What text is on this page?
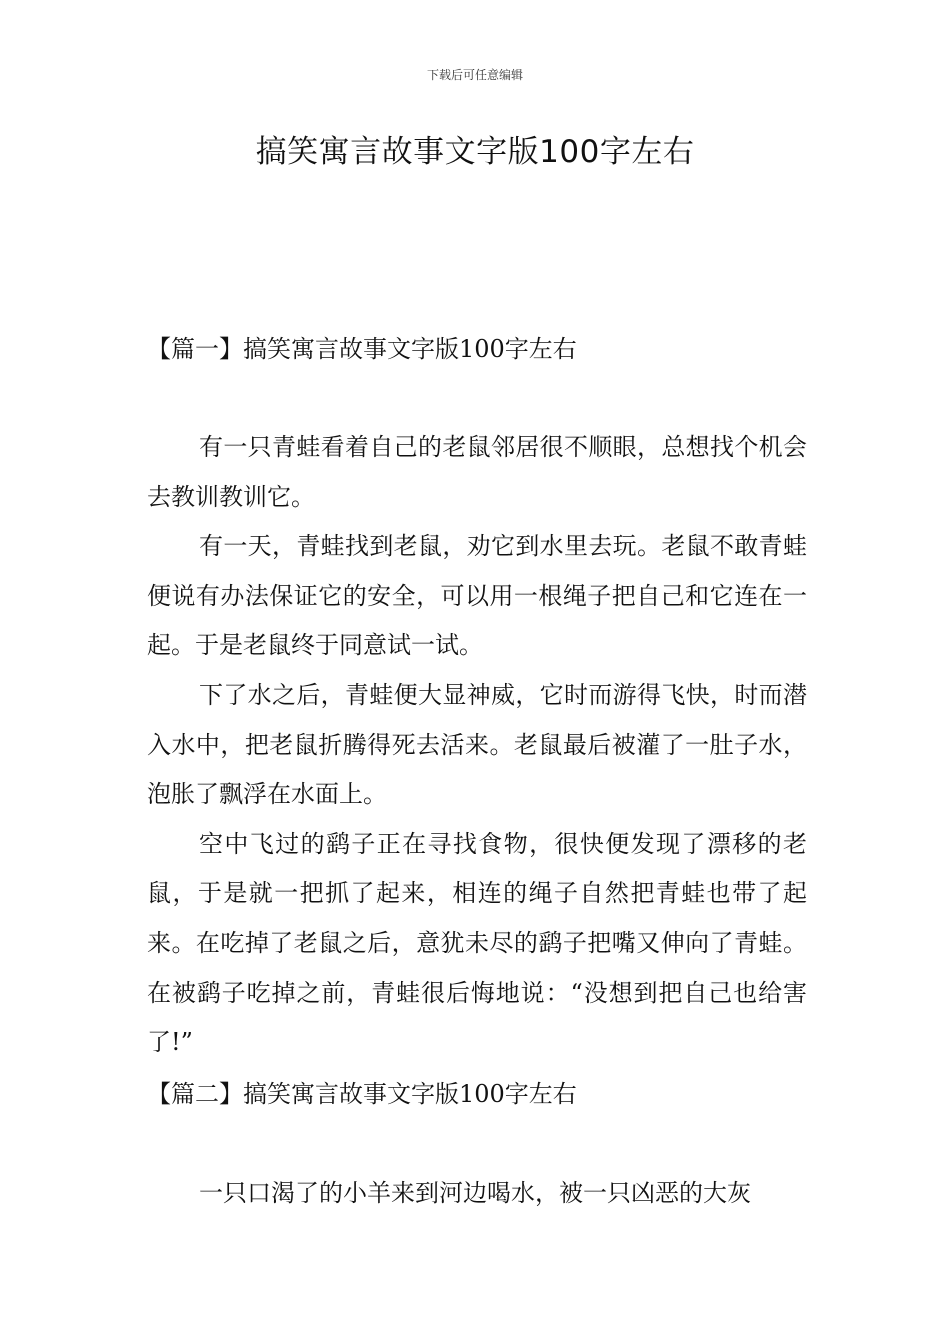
下载后可任意编辑
搞笑寓言故事文字版100字左右
【篇一】搞笑寓言故事文字版100字左右

有一只青蛙看着自己的老鼠邻居很不顺眼，总想找个机会去教训教训它。

有一天，青蛙找到老鼠，劝它到水里去玩。老鼠不敢青蛙便说有办法保证它的安全，可以用一根绳子把自己和它连在一起。于是老鼠终于同意试一试。

下了水之后，青蛙便大显神威，它时而游得飞快，时而潜入水中，把老鼠折腾得死去活来。老鼠最后被灌了一肚子水，泡胀了飘浮在水面上。

空中飞过的鹞子正在寻找食物，很快便发现了漂移的老鼠，于是就一把抓了起来，相连的绳子自然把青蛙也带了起来。在吃掉了老鼠之后，意犹未尽的鹞子把嘴又伸向了青蛙。在被鹞子吃掉之前，青蛙很后悔地说：“没想到把自己也给害了!”

【篇二】搞笑寓言故事文字版100字左右

一只口渴了的小羊来到河边喝水，被一只凶恶的大灰
